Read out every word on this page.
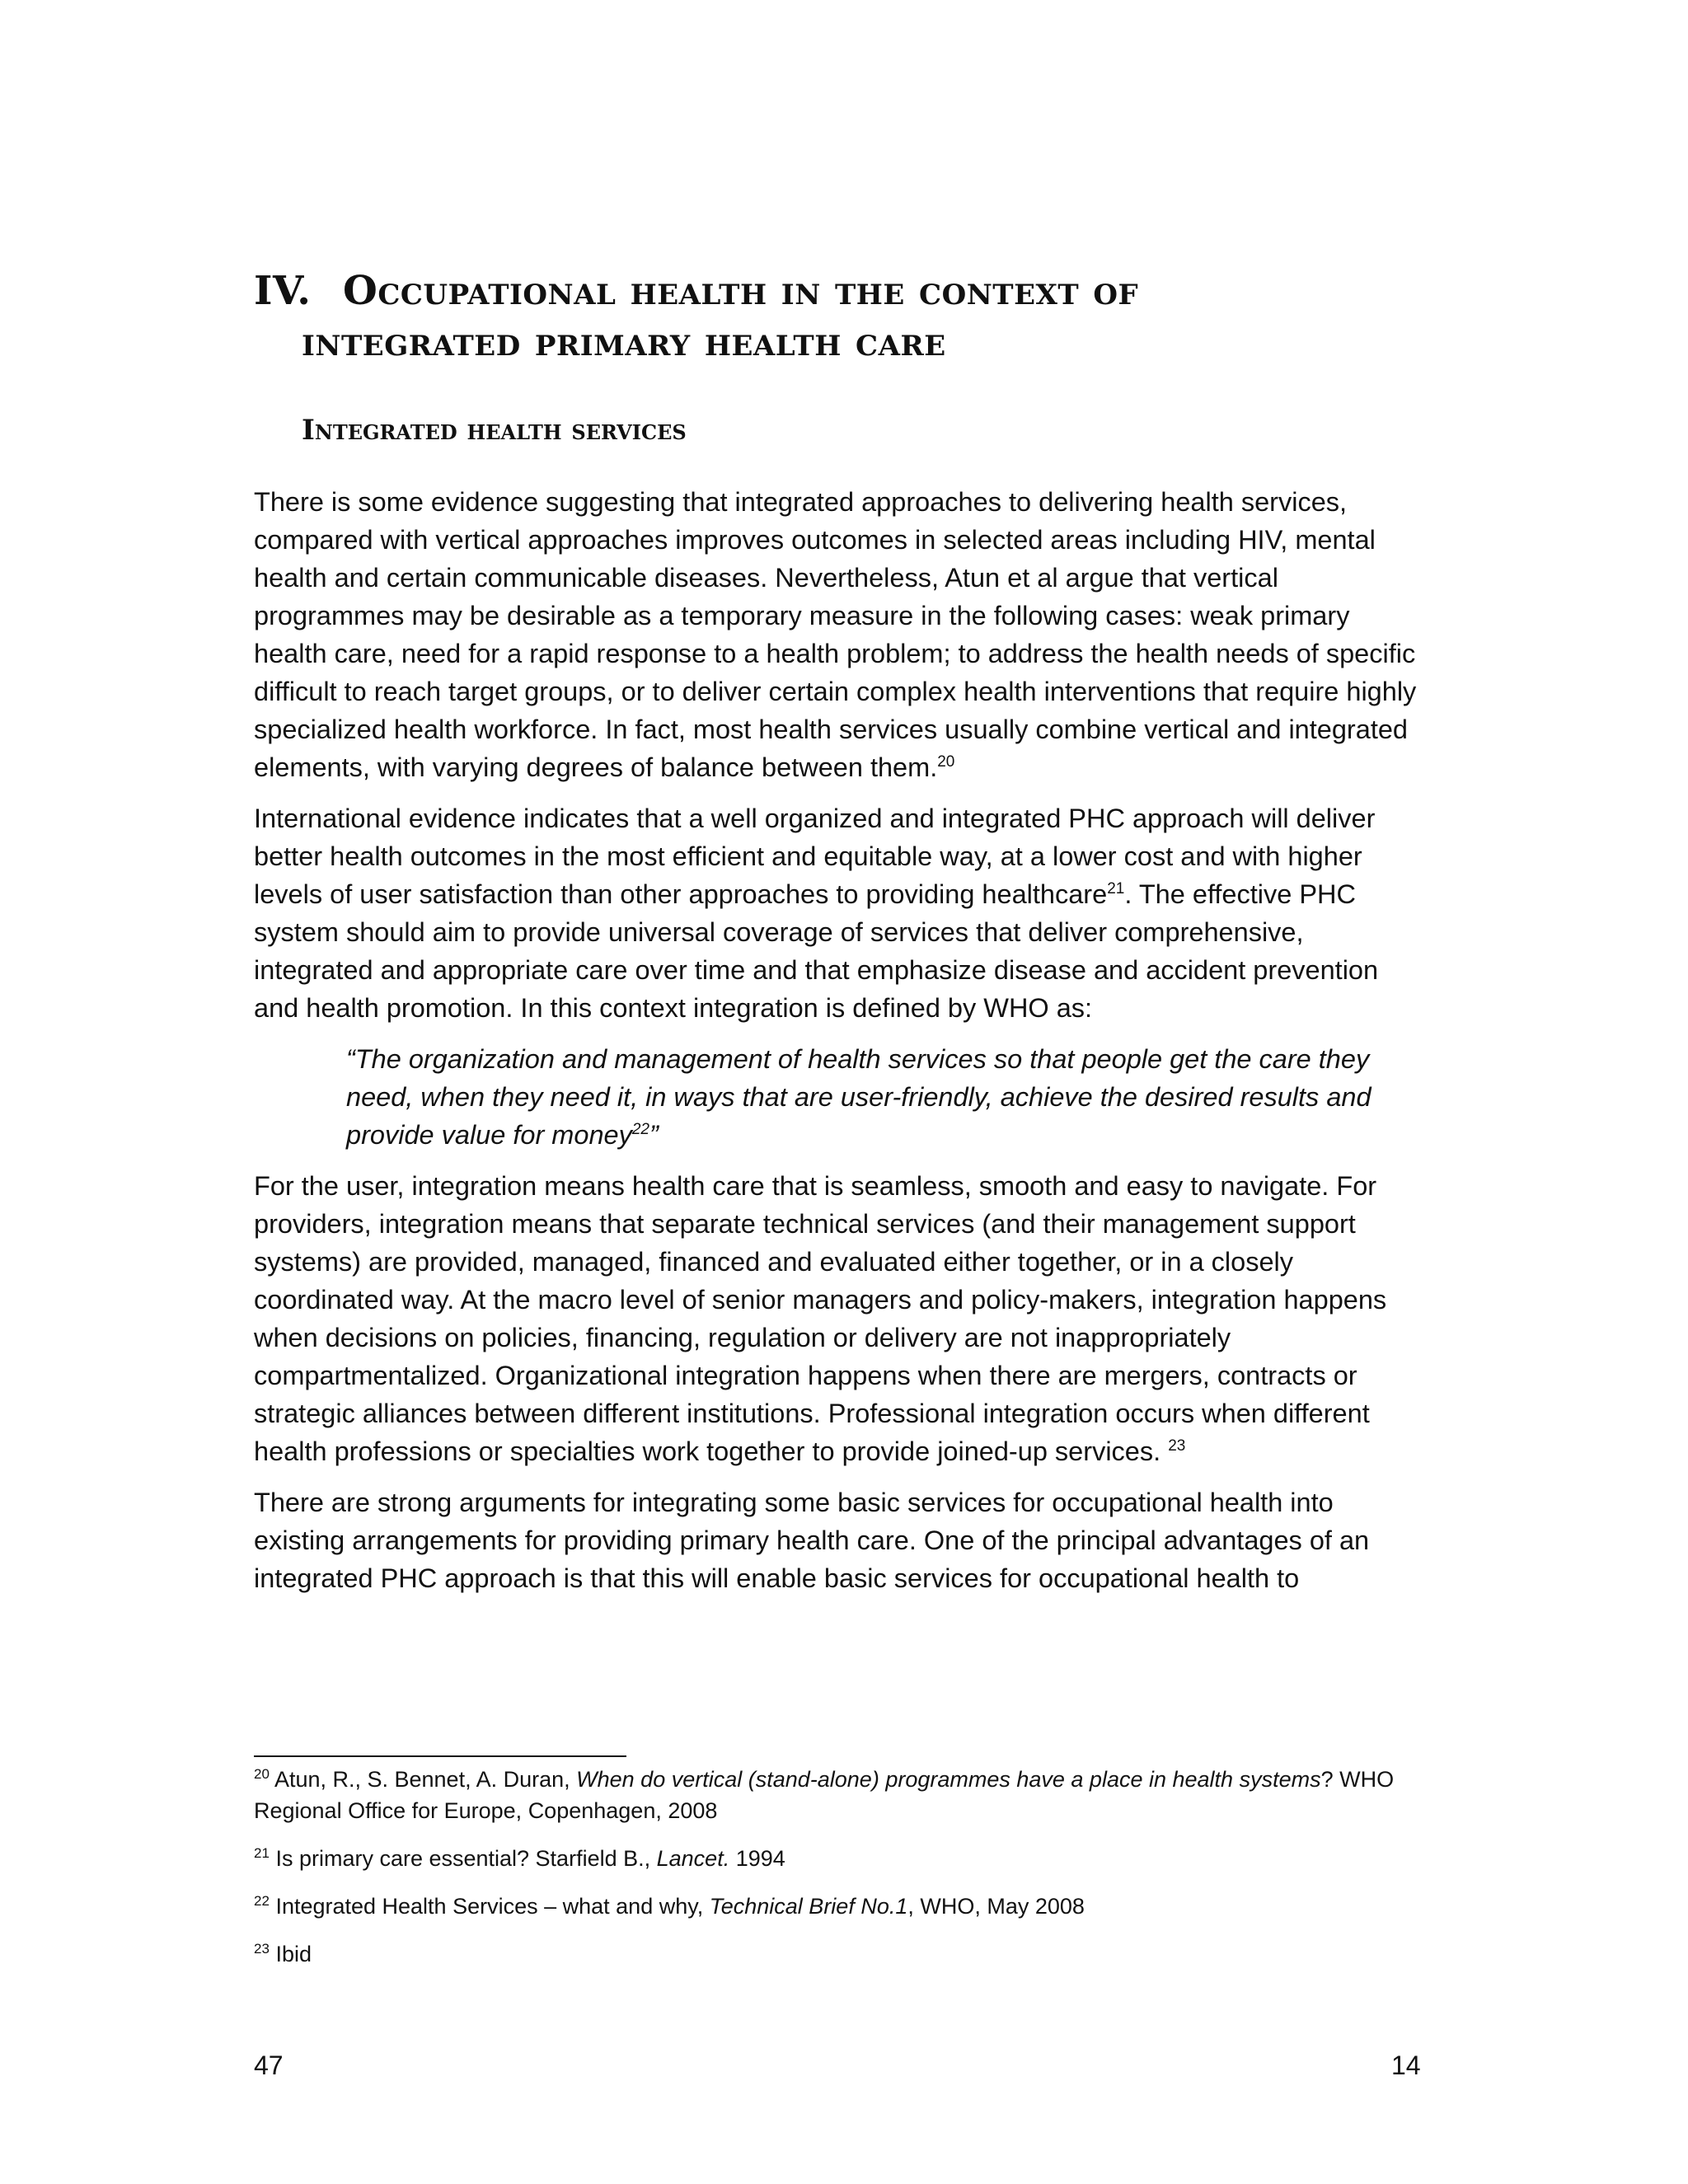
IV. Occupational health in the context of
integrated primary health care
Integrated health services

There is some evidence suggesting that integrated approaches to delivering health services, compared with vertical approaches improves outcomes in selected areas including HIV, mental health and certain communicable diseases. Nevertheless, Atun et al argue that vertical programmes may be desirable as a temporary measure in the following cases: weak primary health care, need for a rapid response to a health problem; to address the health needs of specific difficult to reach target groups, or to deliver certain complex health interventions that require highly specialized health workforce. In fact, most health services usually combine vertical and integrated elements, with varying degrees of balance between them.$^{20}$

International evidence indicates that a well organized and integrated PHC approach will deliver better health outcomes in the most efficient and equitable way, at a lower cost and with higher levels of user satisfaction than other approaches to providing healthcare$^{21}$. The effective PHC system should aim to provide universal coverage of services that deliver comprehensive, integrated and appropriate care over time and that emphasize disease and accident prevention and health promotion. In this context integration is defined by WHO as:

“The organization and management of health services so that people get the care they need, when they need it, in ways that are user-friendly, achieve the desired results and provide value for money$^{22}$”

For the user, integration means health care that is seamless, smooth and easy to navigate. For providers, integration means that separate technical services (and their management support systems) are provided, managed, financed and evaluated either together, or in a closely coordinated way. At the macro level of senior managers and policy-makers, integration happens when decisions on policies, financing, regulation or delivery are not inappropriately compartmentalized. Organizational integration happens when there are mergers, contracts or strategic alliances between different institutions. Professional integration occurs when different health professions or specialties work together to provide joined-up services. $^{23}$

There are strong arguments for integrating some basic services for occupational health into existing arrangements for providing primary health care. One of the principal advantages of an integrated PHC approach is that this will enable basic services for occupational health to

$^{20}$ Atun, R., S. Bennet, A. Duran, When do vertical (stand-alone) programmes have a place in health systems? WHO Regional Office for Europe, Copenhagen, 2008
$^{21}$ Is primary care essential? Starfield B., Lancet. 1994
$^{22}$ Integrated Health Services – what and why, Technical Brief No.1, WHO, May 2008
$^{23}$ Ibid
47	14
